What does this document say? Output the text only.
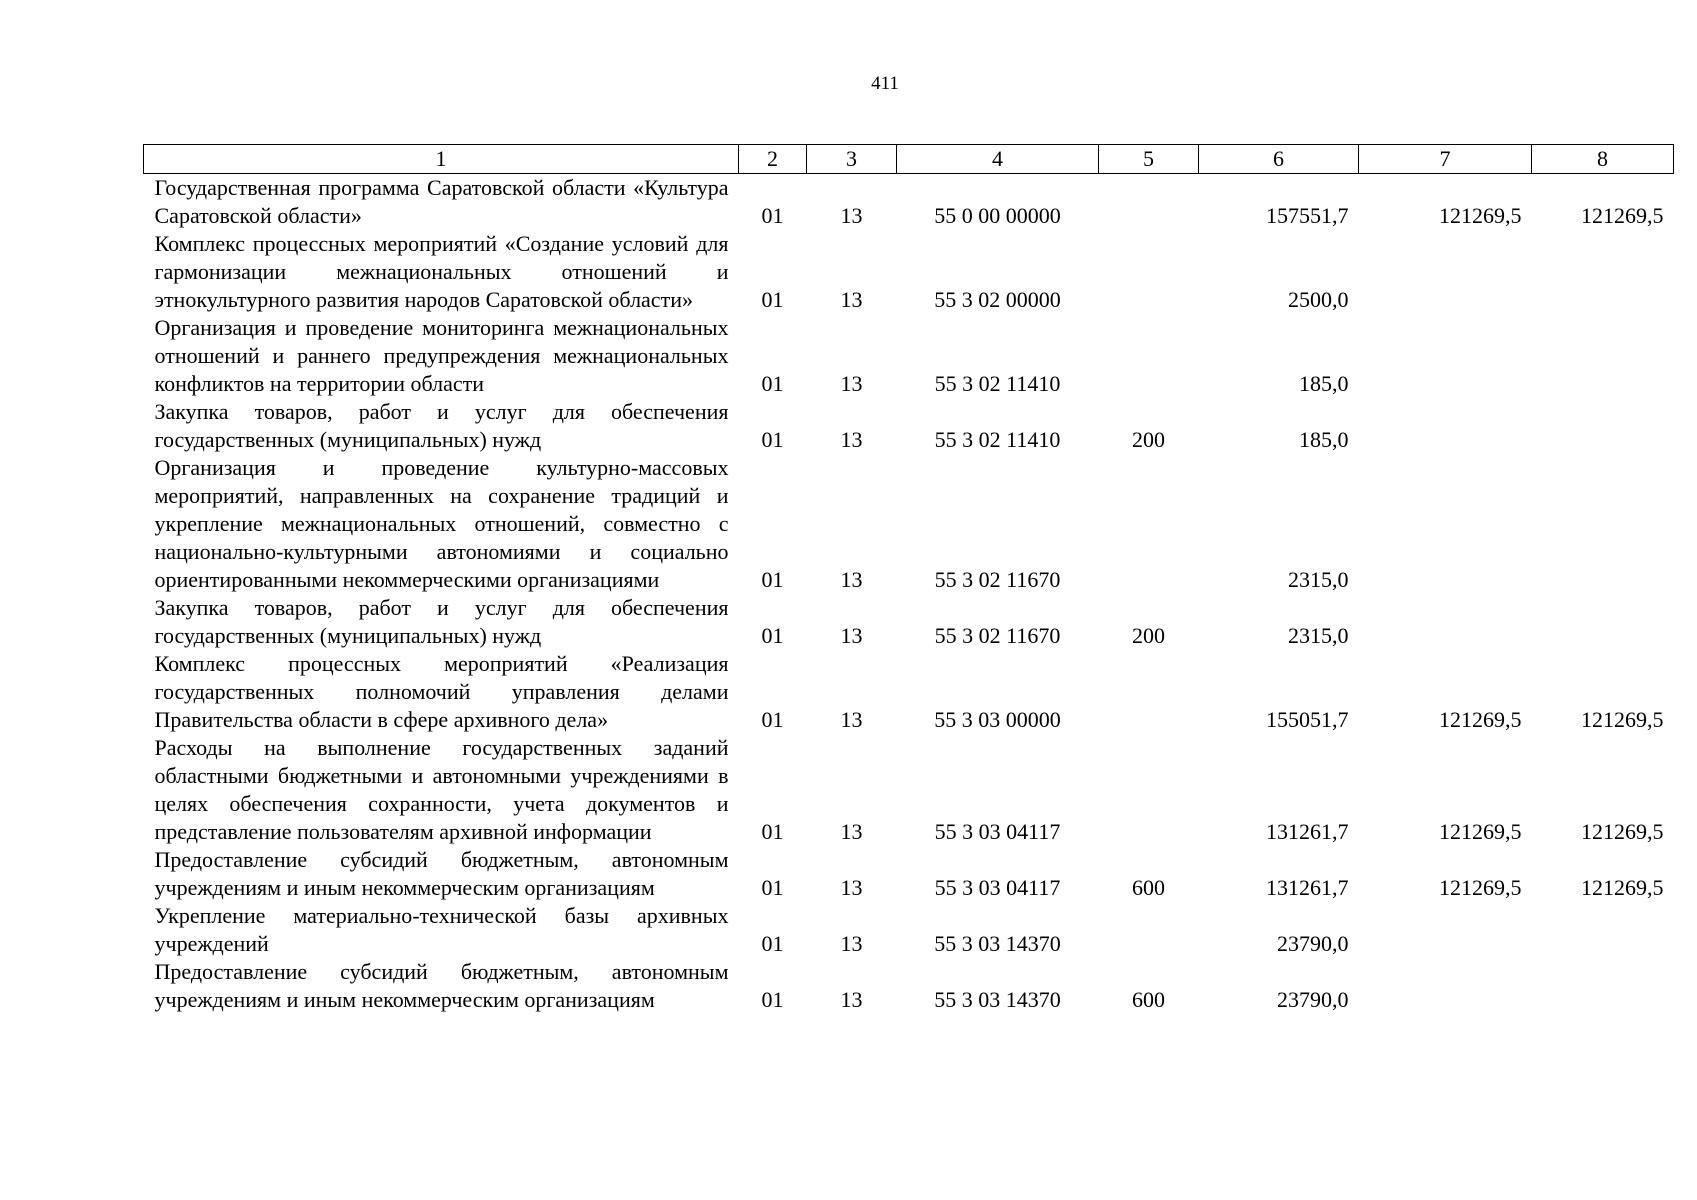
411
1	2	3	4	5	6	7	8
Государственная программа Саратовской области «Культура Саратовской области»	01	13	55 0 00 00000		157551,7	121269,5	121269,5
Комплекс процессных мероприятий «Создание условий для гармонизации межнациональных отношений и этнокультурного развития народов Саратовской области»	01	13	55 3 02 00000		2500,0		
Организация и проведение мониторинга межнациональных отношений и раннего предупреждения межнациональных конфликтов на территории области	01	13	55 3 02 11410		185,0		
Закупка товаров, работ и услуг для обеспечения государственных (муниципальных) нужд	01	13	55 3 02 11410	200	185,0		
Организация и проведение культурно-массовых мероприятий, направленных на сохранение традиций и укрепление межнациональных отношений, совместно с национально-культурными автономиями и социально ориентированными некоммерческими организациями	01	13	55 3 02 11670		2315,0		
Закупка товаров, работ и услуг для обеспечения государственных (муниципальных) нужд	01	13	55 3 02 11670	200	2315,0		
Комплекс процессных мероприятий «Реализация государственных полномочий управления делами Правительства области в сфере архивного дела»	01	13	55 3 03 00000		155051,7	121269,5	121269,5
Расходы на выполнение государственных заданий областными бюджетными и автономными учреждениями в целях обеспечения сохранности, учета документов и представление пользователям архивной информации	01	13	55 3 03 04117		131261,7	121269,5	121269,5
Предоставление субсидий бюджетным, автономным учреждениям и иным некоммерческим организациям	01	13	55 3 03 04117	600	131261,7	121269,5	121269,5
Укрепление материально-технической базы архивных учреждений	01	13	55 3 03 14370		23790,0		
Предоставление субсидий бюджетным, автономным учреждениям и иным некоммерческим организациям	01	13	55 3 03 14370	600	23790,0		
